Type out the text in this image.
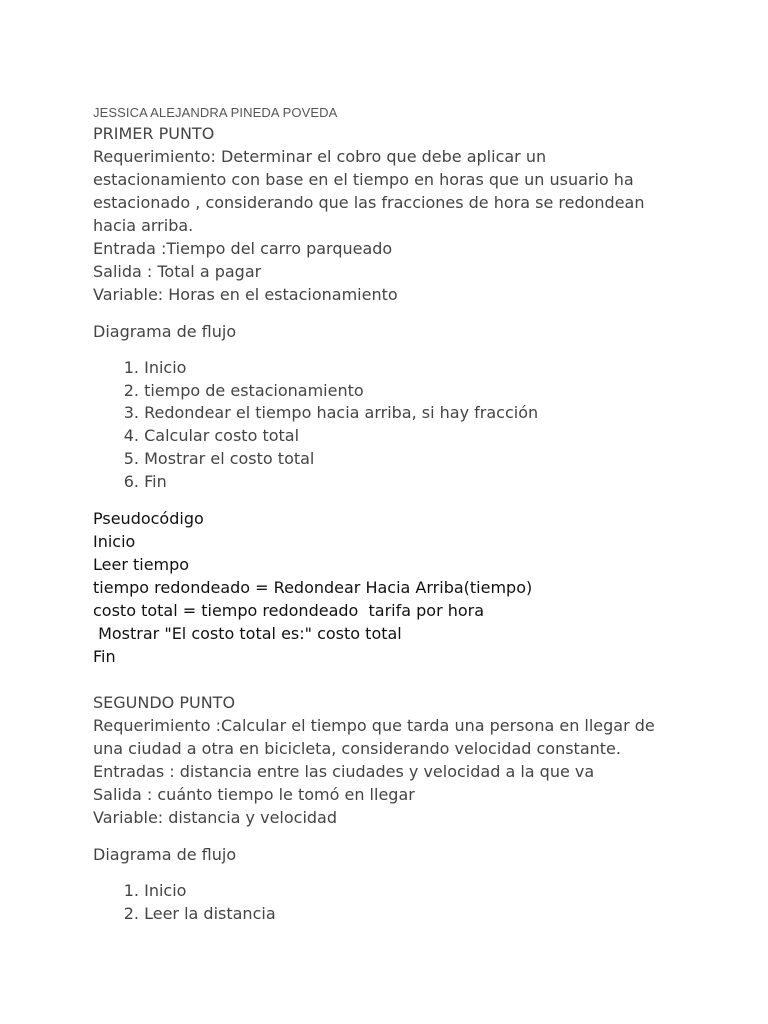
JESSICA ALEJANDRA PINEDA POVEDA
PRIMER PUNTO
Requerimiento: Determinar el cobro que debe aplicar un
estacionamiento con base en el tiempo en horas que un usuario ha
estacionado , considerando que las fracciones de hora se redondean
hacia arriba.
Entrada :Tiempo del carro parqueado
Salida : Total a pagar
Variable: Horas en el estacionamiento
Diagrama de flujo
1. Inicio
2. tiempo de estacionamiento
3. Redondear el tiempo hacia arriba, si hay fracción
4. Calcular costo total
5. Mostrar el costo total
6. Fin
Pseudocódigo
Inicio
Leer tiempo
tiempo redondeado = Redondear Hacia Arriba(tiempo)
costo total = tiempo redondeado  tarifa por hora
Mostrar "El costo total es:" costo total
Fin
SEGUNDO PUNTO
Requerimiento :Calcular el tiempo que tarda una persona en llegar de
una ciudad a otra en bicicleta, considerando velocidad constante.
Entradas : distancia entre las ciudades y velocidad a la que va
Salida : cuánto tiempo le tomó en llegar
Variable: distancia y velocidad
Diagrama de flujo
1. Inicio
2. Leer la distancia
